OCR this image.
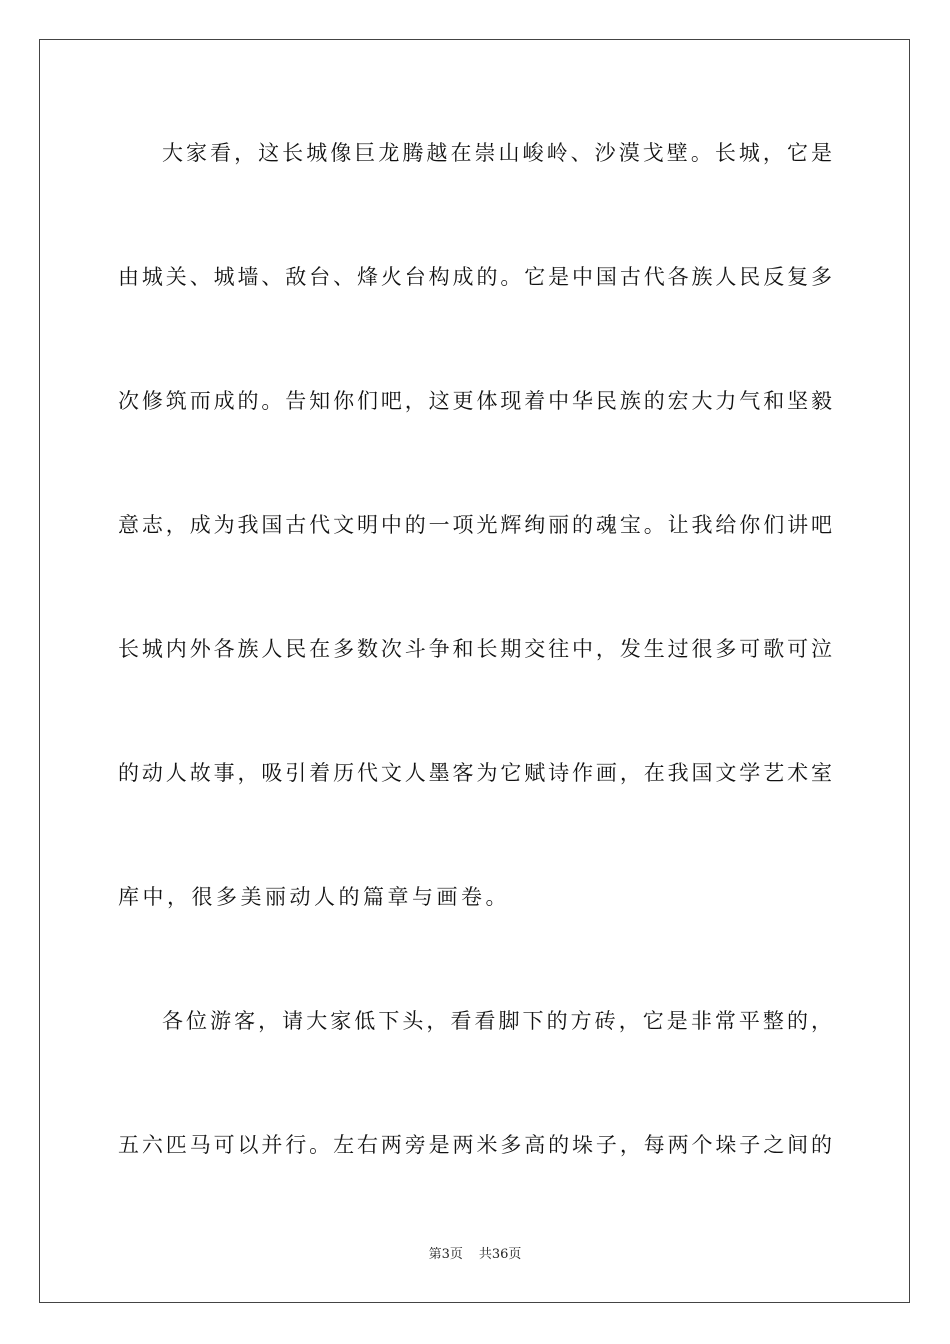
大家看，这长城像巨龙腾越在崇山峻岭、沙漠戈壁。长城，它是
由城关、城墙、敌台、烽火台构成的。它是中国古代各族人民反复多
次修筑而成的。告知你们吧，这更体现着中华民族的宏大力气和坚毅
意志，成为我国古代文明中的一项光辉绚丽的魂宝。让我给你们讲吧
长城内外各族人民在多数次斗争和长期交往中，发生过很多可歌可泣
的动人故事，吸引着历代文人墨客为它赋诗作画，在我国文学艺术室
库中，很多美丽动人的篇章与画卷。
各位游客，请大家低下头，看看脚下的方砖，它是非常平整的，
五六匹马可以并行。左右两旁是两米多高的垛子，每两个垛子之间的
第3页 共36页
